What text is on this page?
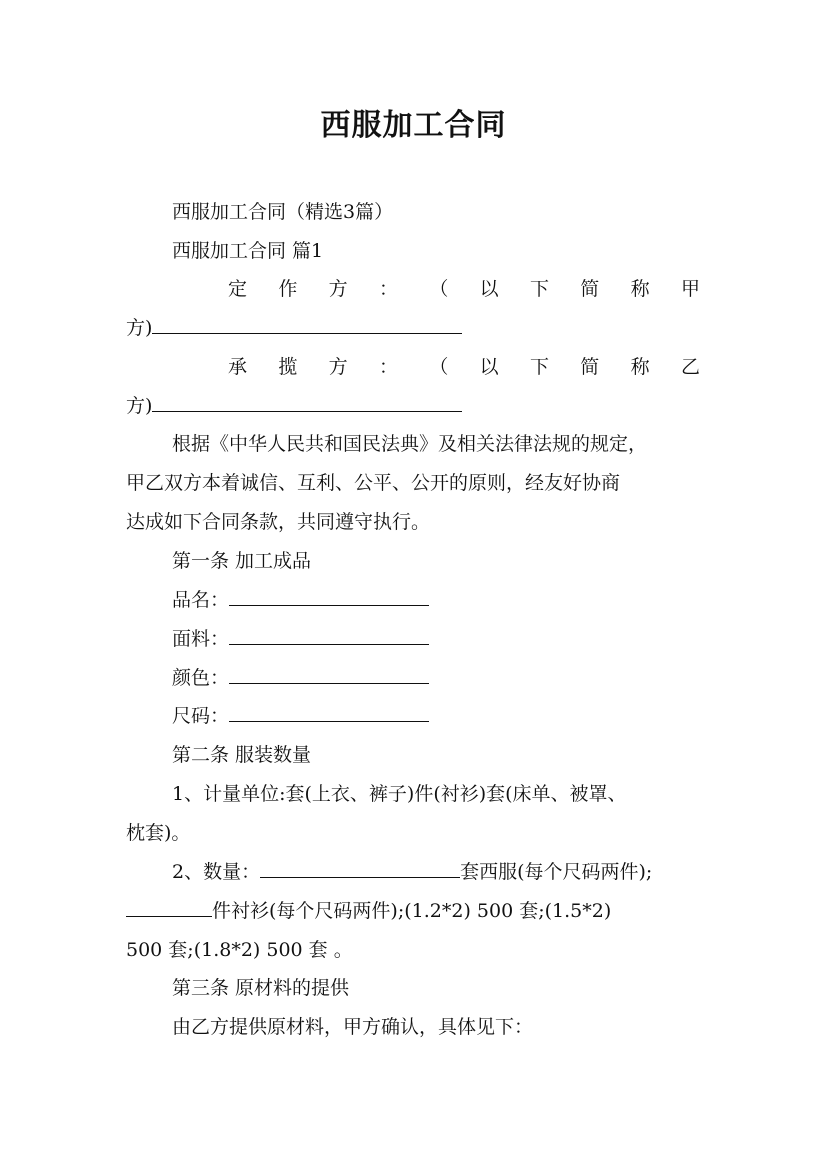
西服加工合同
西服加工合同（精选3篇）
西服加工合同 篇1
定 作 方 ： （ 以 下 简 称 甲
方)
承 揽 方 ： （ 以 下 简 称 乙
方)
根据《中华人民共和国民法典》及相关法律法规的规定，
甲乙双方本着诚信、互利、公平、公开的原则，经友好协商
达成如下合同条款，共同遵守执行。
第一条 加工成品
品名：
面料：
颜色：
尺码：
第二条 服装数量
1、计量单位:套(上衣、裤子)件(衬衫)套(床单、被罩、
枕套)。
2、数量：	套西服(每个尺码两件);
件衬衫(每个尺码两件);(1.2*2) 500 套;(1.5*2)
500 套;(1.8*2) 500 套 。
第三条 原材料的提供
由乙方提供原材料，甲方确认，具体见下：
